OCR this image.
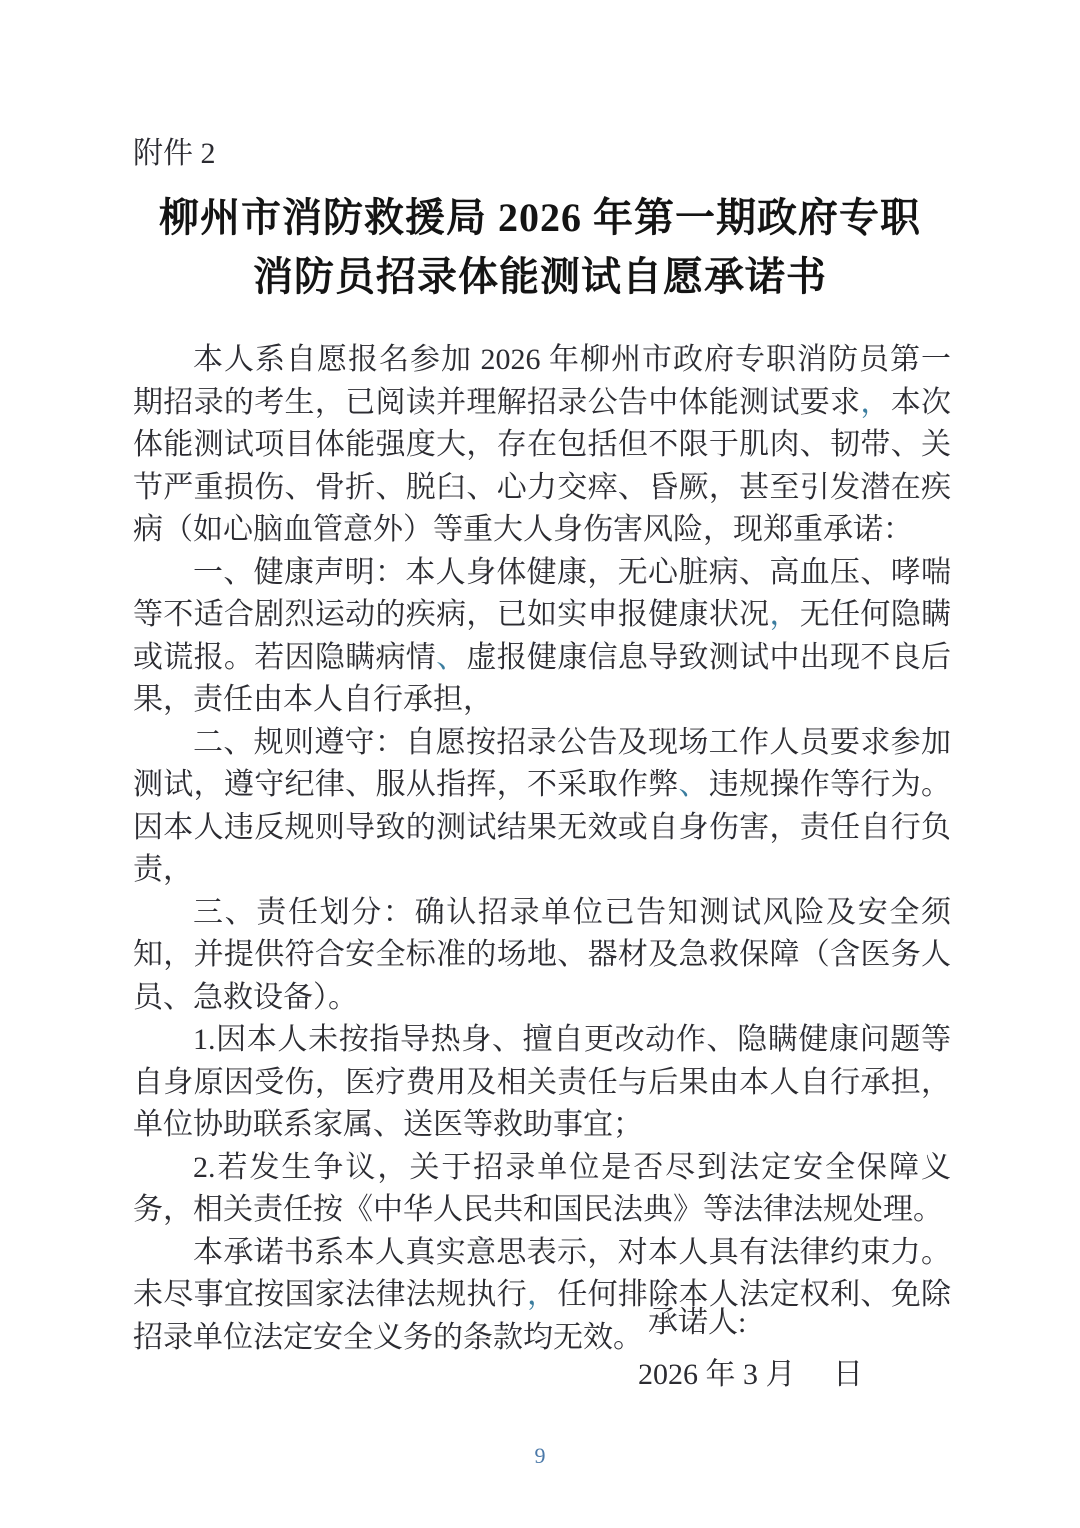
附件 2
柳州市消防救援局 2026 年第一期政府专职
消防员招录体能测试自愿承诺书

本人系自愿报名参加 2026 年柳州市政府专职消防员第一期招录的考生，已阅读并理解招录公告中体能测试要求，本次体能测试项目体能强度大，存在包括但不限于肌肉、韧带、关节严重损伤、骨折、脱臼、心力交瘁、昏厥，甚至引发潜在疾病（如心脑血管意外）等重大人身伤害风险，现郑重承诺：

一、健康声明：本人身体健康，无心脏病、高血压、哮喘等不适合剧烈运动的疾病，已如实申报健康状况，无任何隐瞒或谎报。若因隐瞒病情、虚报健康信息导致测试中出现不良后果，责任由本人自行承担，

二、规则遵守：自愿按招录公告及现场工作人员要求参加测试，遵守纪律、服从指挥，不采取作弊、违规操作等行为。因本人违反规则导致的测试结果无效或自身伤害，责任自行负责，

三、责任划分：确认招录单位已告知测试风险及安全须知，并提供符合安全标准的场地、器材及急救保障（含医务人员、急救设备）。

1.因本人未按指导热身、擅自更改动作、隐瞒健康问题等自身原因受伤，医疗费用及相关责任与后果由本人自行承担，单位协助联系家属、送医等救助事宜；

2.若发生争议，关于招录单位是否尽到法定安全保障义务，相关责任按《中华人民共和国民法典》等法律法规处理。

本承诺书系本人真实意思表示，对本人具有法律约束力。未尽事宜按国家法律法规执行，任何排除本人法定权利、免除招录单位法定安全义务的条款均无效。 承诺人:
2026 年 3 月　 日
9
